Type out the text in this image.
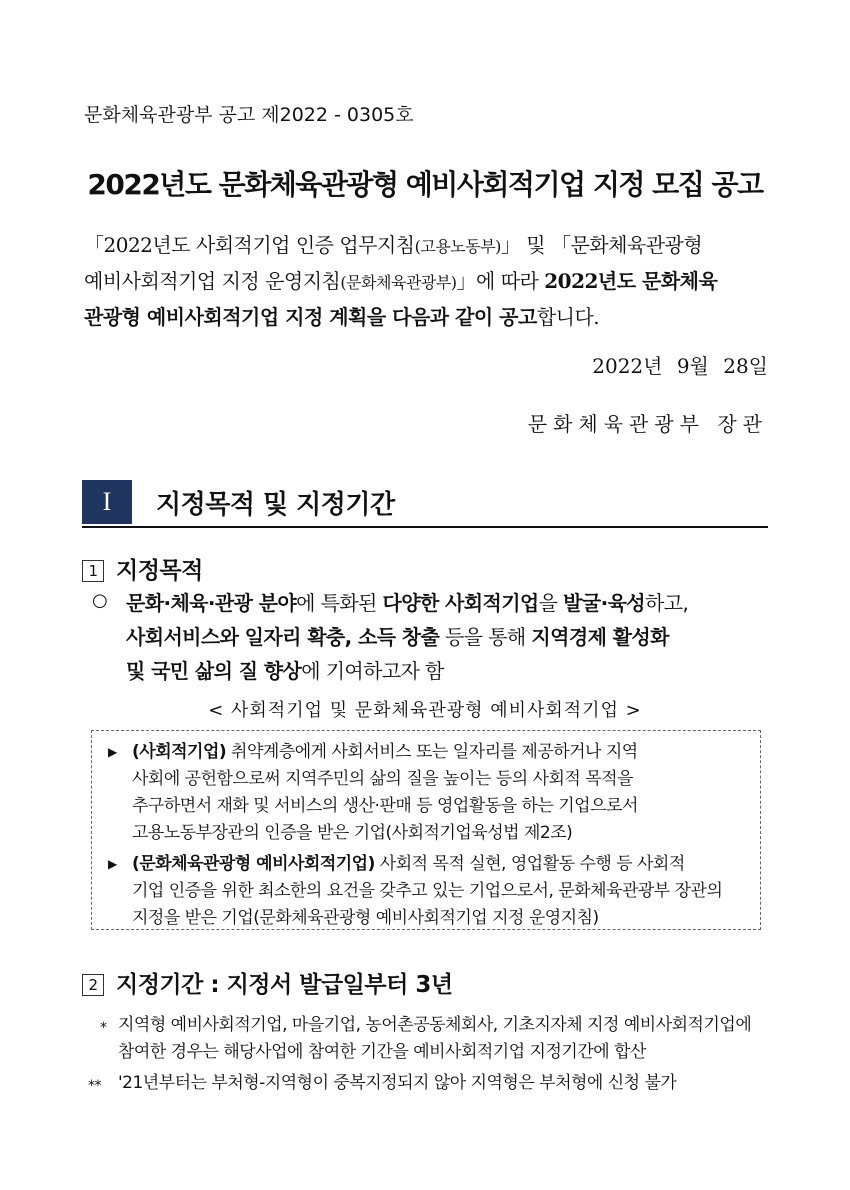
문화체육관광부 공고 제2022 - 0305호
2022년도 문화체육관광형 예비사회적기업 지정 모집 공고

「2022년도 사회적기업 인증 업무지침(고용노동부)」 및 「문화체육관광형

예비사회적기업 지정 운영지침(문화체육관광부)」에 따라 2022년도 문화체육

관광형 예비사회적기업 지정 계획을 다음과 같이 공고합니다.

2022년 9월 28일
문화체육관광부 장관
I	지정목적 및 지정기간
1 지정목적
○ 문화·체육·관광 분야에 특화된 다양한 사회적기업을 발굴·육성하고,

사회서비스와 일자리 확충, 소득 창출 등을 통해 지역경제 활성화

및 국민 삶의 질 향상에 기여하고자 함

< 사회적기업 및 문화체육관광형 예비사회적기업 >
▶ (사회적기업) 취약계층에게 사회서비스 또는 일자리를 제공하거나 지역

사회에 공헌함으로써 지역주민의 삶의 질을 높이는 등의 사회적 목적을

추구하면서 재화 및 서비스의 생산·판매 등 영업활동을 하는 기업으로서

고용노동부장관의 인증을 받은 기업(사회적기업육성법 제2조)

▶ (문화체육관광형 예비사회적기업) 사회적 목적 실현, 영업활동 수행 등 사회적

기업 인증을 위한 최소한의 요건을 갖추고 있는 기업으로서, 문화체육관광부 장관의

지정을 받은 기업(문화체육관광형 예비사회적기업 지정 운영지침)

2 지정기간 : 지정서 발급일부터 3년
* 지역형 예비사회적기업, 마을기업, 농어촌공동체회사, 기초지자체 지정 예비사회적기업에
참여한 경우는 해당사업에 참여한 기간을 예비사회적기업 지정기간에 합산
** '21년부터는 부처형-지역형이 중복지정되지 않아 지역형은 부처형에 신청 불가
